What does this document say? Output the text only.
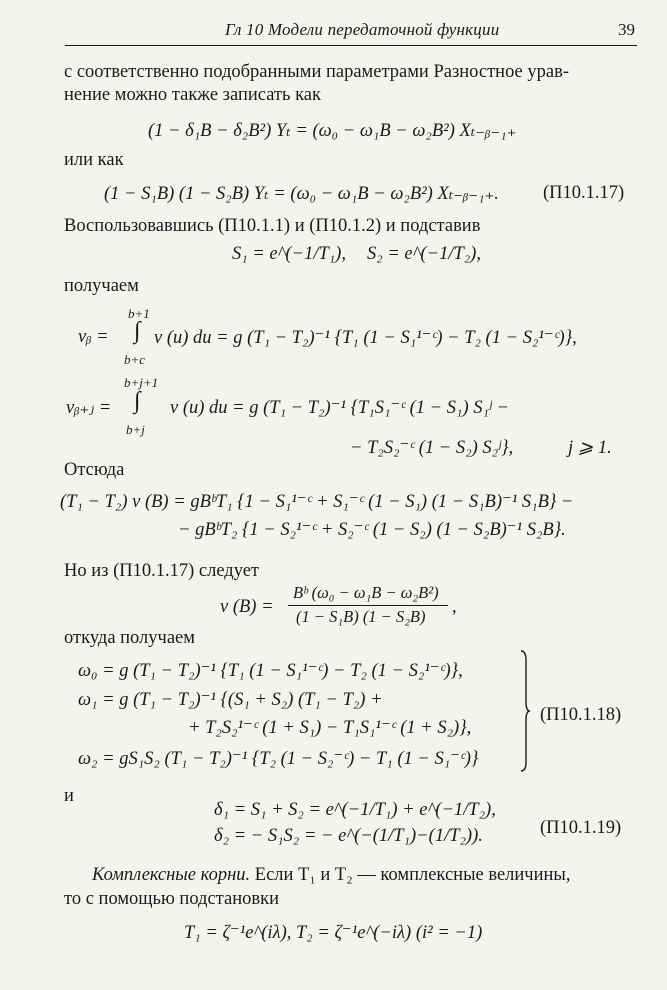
Гл 10 Модели передаточной функции	39
с соответственно подобранными параметрами Разностное урав-
нение можно также записать как
(1 − δ₁B − δ₂B²) Yₜ = (ω₀ − ω₁B − ω₂B²) Xₜ₋ᵦ₋₁₊
или как
(1 − S₁B) (1 − S₂B) Yₜ = (ω₀ − ω₁B − ω₂B²) Xₜ₋ᵦ₋₁₊. (П10.1.17)
Воспользовавшись (П10.1.1) и (П10.1.2) и подставив
S₁ = e^(−1/T₁), S₂ = e^(−1/T₂),
получаем
b+1
∫
b+c
vᵦ = v (u) du = g (T₁ − T₂)⁻¹ {T₁ (1 − S₁¹⁻ᶜ) − T₂ (1 − S₂¹⁻ᶜ)},
b+j+1
∫
b+j
vᵦ₊ⱼ =	v (u) du = g (T₁ − T₂)⁻¹ {T₁S₁⁻ᶜ (1 − S₁) S₁ʲ −
− T₂S₂⁻ᶜ (1 − S₂) S₂ʲ},	j ⩾ 1.
Отсюда
(T₁ − T₂) v (B) = gBᵇT₁ {1 − S₁¹⁻ᶜ + S₁⁻ᶜ (1 − S₁) (1 − S₁B)⁻¹ S₁B} −
− gBᵇT₂ {1 − S₂¹⁻ᶜ + S₂⁻ᶜ (1 − S₂) (1 − S₂B)⁻¹ S₂B}.
Но из (П10.1.17) следует
v (B) =
Bᵇ (ω₀ − ω₁B − ω₂B²)
(1 − S₁B) (1 − S₂B) ,
откуда получаем
ω₀ = g (T₁ − T₂)⁻¹ {T₁ (1 − S₁¹⁻ᶜ) − T₂ (1 − S₂¹⁻ᶜ)},
ω₁ = g (T₁ − T₂)⁻¹ {(S₁ + S₂) (T₁ − T₂) +
+ T₂S₂¹⁻ᶜ (1 + S₁) − T₁S₁¹⁻ᶜ (1 + S₂)},
ω₂ = gS₁S₂ (T₁ − T₂)⁻¹ {T₂ (1 − S₂⁻ᶜ) − T₁ (1 − S₁⁻ᶜ)}
(П10.1.18)
и
δ₁ = S₁ + S₂ = e^(−1/T₁) + e^(−1/T₂),
δ₂ = − S₁S₂ = − e^(−(1/T₁)−(1/T₂)).	(П10.1.19)
Комплексные корни. Если T₁ и T₂ — комплексные величины,
то с помощью подстановки
T₁ = ζ⁻¹e^(iλ), T₂ = ζ⁻¹e^(−iλ) (i² = −1)
